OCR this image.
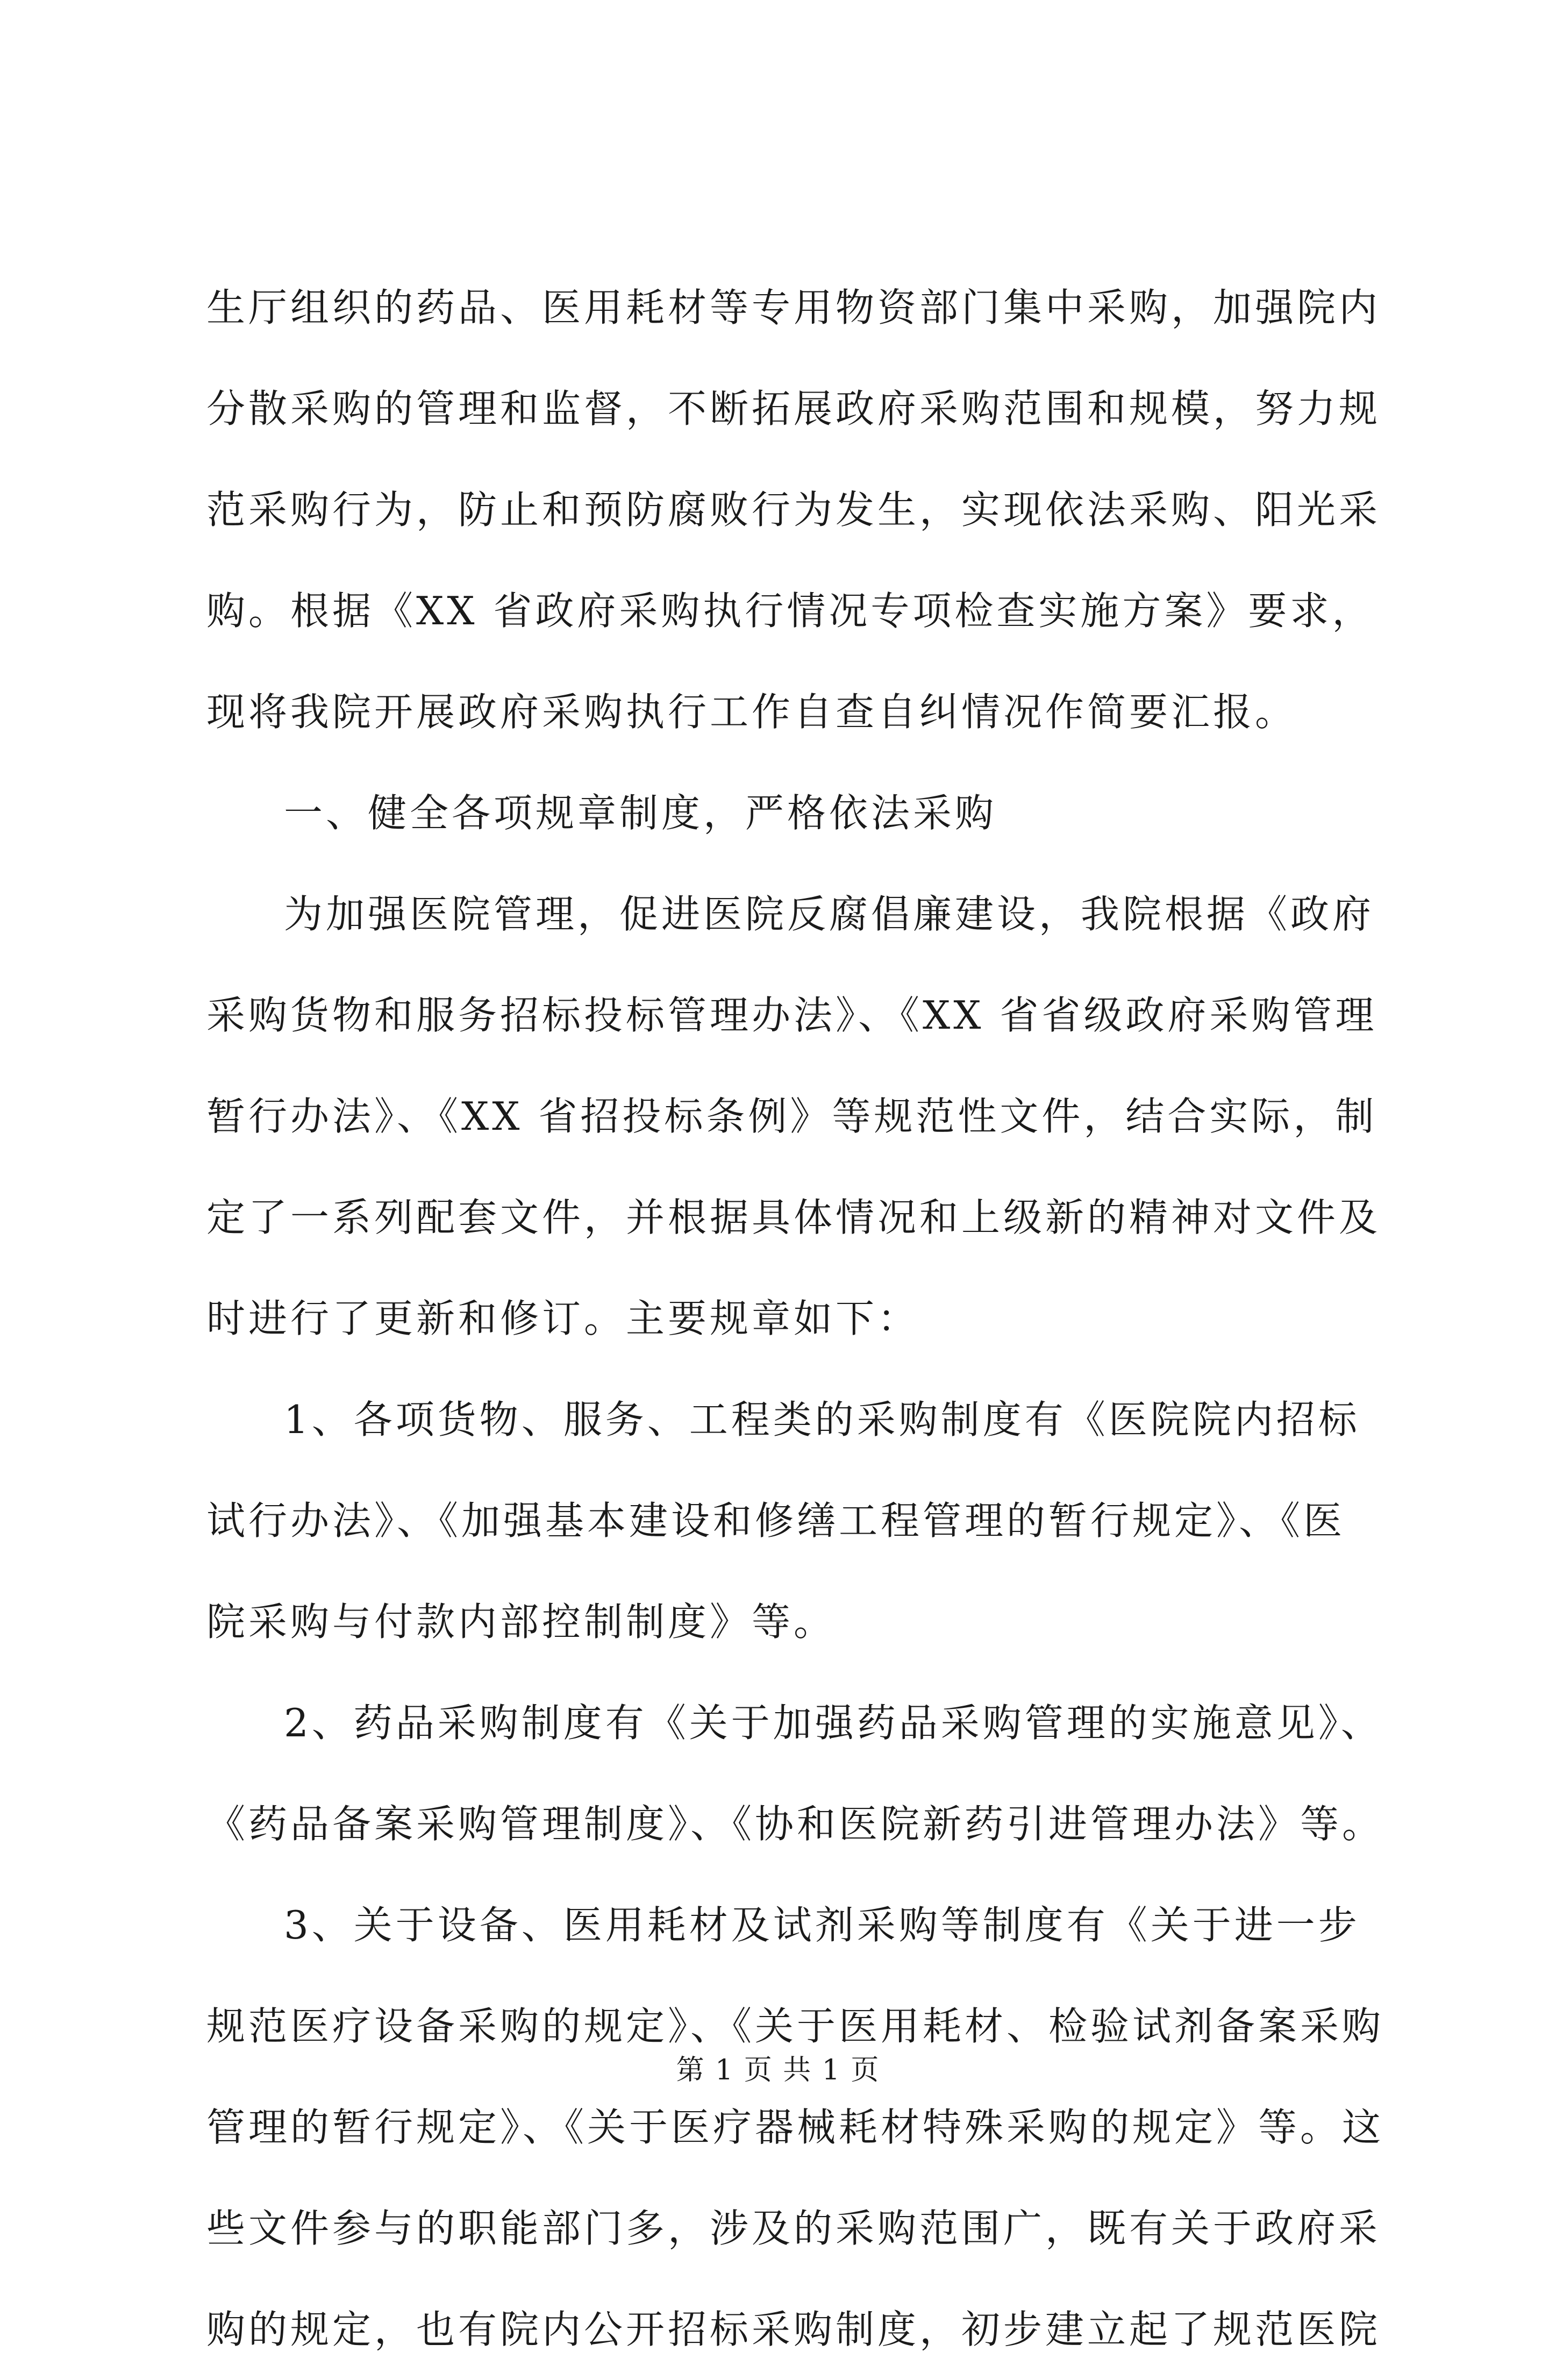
生厅组织的药品、医用耗材等专用物资部门集中采购，加强院内
分散采购的管理和监督，不断拓展政府采购范围和规模，努力规
范采购行为，防止和预防腐败行为发生，实现依法采购、阳光采
购。根据《XX 省政府采购执行情况专项检查实施方案》要求，
现将我院开展政府采购执行工作自查自纠情况作简要汇报。
一、健全各项规章制度，严格依法采购
为加强医院管理，促进医院反腐倡廉建设，我院根据《政府
采购货物和服务招标投标管理办法》、《XX 省省级政府采购管理
暂行办法》、《XX 省招投标条例》等规范性文件，结合实际，制
定了一系列配套文件，并根据具体情况和上级新的精神对文件及
时进行了更新和修订。主要规章如下：
1、各项货物、服务、工程类的采购制度有《医院院内招标
试行办法》、《加强基本建设和修缮工程管理的暂行规定》、《医
院采购与付款内部控制制度》等。
2、药品采购制度有《关于加强药品采购管理的实施意见》、
《药品备案采购管理制度》、《协和医院新药引进管理办法》等。
3、关于设备、医用耗材及试剂采购等制度有《关于进一步
规范医疗设备采购的规定》、《关于医用耗材、检验试剂备案采购
管理的暂行规定》、《关于医疗器械耗材特殊采购的规定》等。这
些文件参与的职能部门多，涉及的采购范围广，既有关于政府采
购的规定，也有院内公开招标采购制度，初步建立起了规范医院
第 1 页 共 1 页
